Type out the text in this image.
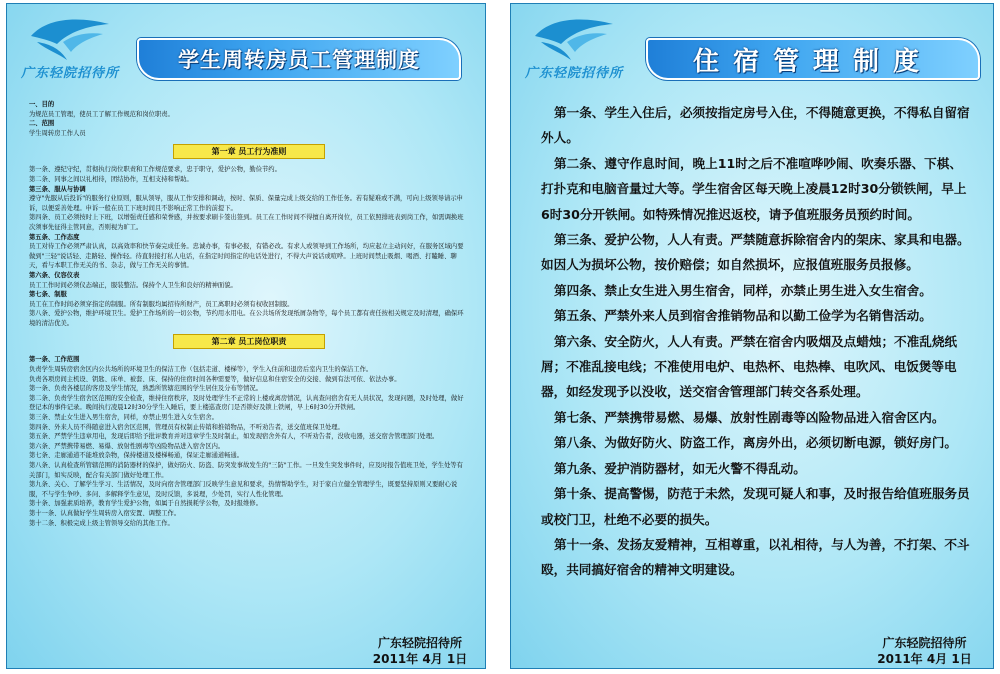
广东轻院招待所
学生周转房员工管理制度

一、目的

为规范员工管理，使员工了解工作规范和岗位职责。

二、范围

学生周转房工作人员

第一章 员工行为准则

第一条、遵纪守纪，贯彻执行岗位职责和工作规范要求，忠于职守，爱护公物，勤俭节约。

第二条、同事之间以礼相待，团结协作，互相支持和帮助。

第三条、服从与协调

遵守"先服从后投诉"的服务行业原则，服从领导，服从工作安排和调动，按时、保质、保量完成上级交给的工作任务。若有疑难或不满，可向上级领导请示申诉，以便妥善处理。申诉一般在员工下班时间且不影响正常工作的前提下。

第四条、员工必须按时上下班，以增强责任感和荣誉感，并按要求刷卡签出签到。员工在工作时间不得擅自离开岗位，员工依照排班表到岗工作，如需调换班次须事先征得主管同意，否则视为旷工。

第五条、工作态度

员工对待工作必须严肃认真，以高效率和快节奏完成任务。忠诚办事，有事必报，有错必改。有求人或领导到工作场所，均应起立主动问好，在服务区域内要做到"三轻"说话轻、走路轻、操作轻。待直射接打私人电话，在指定时间指定的电话处进行，不得大声说话或喧哗。上班时间禁止吸烟、喝酒、打瞌睡、聊天，看与本职工作无关的书、杂志，做与工作无关的事情。

第六条、仪容仪表

员工工作时间必须仪态端正，服装整洁。保持个人卫生和良好的精神面貌。

第七条、制服

员工在工作时间必须穿指定的制服。所有制服均属招待所财产，员工离职时必须有权收回制服。

第八条、爱护公物，维护环境卫生。爱护工作场所的一切公物，节约用水用电。在公共场所发现纸屑杂物等，每个员工都有责任按相关规定及时清理，确保环境的清洁优美。

第二章 员工岗位职责

第一条、工作范围

负责学生周转房宿舍区内公共场所的环境卫生的保洁工作（包括走道、楼梯等），学生入住前和退房后室内卫生的保洁工作。

负责各项房间主机设、钥匙、床单、被套、床、保持的住宿时间各种需要等，做好信息和住宿安全的交接、做到有法可依、依法办事。

第一条、负责各楼层的客房及学生情况，熟悉所管辖范围的学生居住及分布等情况。

第二条、负责学生宿舍区范围的安全检查，维持住宿秩序，及时处理学生不正常的上楼或离房情况，认真查问宿舍有无人员状况，发现问题，及时处理，做好登记本的事件记录。晚间执行凌晨12时30分学生入睡后，要上楼巡查房门是否锁好及锁上铁闸，早上6时30分开铁闸。

第三条、禁止女生进入男生宿舍，同样，亦禁止男生进入女生宿舍。

第四条、外来人员不得随意进入宿舍区范围，管理员有权制止传销和推销物品，不听劝告者，送交值班保卫处理。

第五条、严禁学生违章用电，发现后即给予批评教育并对违章学生及时制止，如发现宿舍外有人，不听劝告者，没收电器，送交宿舍管理部门处理。

第六条、严禁携带易燃、易爆、放射性剧毒等凶险物品进入宿舍区内。

第七条、走廊通道不能堆放杂物，保持楼道及楼梯畅通，保证走廊通道畅通。

第八条、认真检查所管辖范围的消防器材的保护，做好防火、防盗、防突发事故发生的"三防"工作。一旦发生突发事件时，应及时报告值班卫处，学生处等有关部门，如实反映，配合有关部门做好处理工作。

第九条、关心、了解学生学习、生活情况，及时向宿舍管理部门反映学生意见和要求，热情帮助学生，对于家自立健全管理学生，既要坚持原则又要耐心说服，不与学生争吵、多问、多解释学生意见，及时反馈，多说理，少处罚，实行人性化管理。

第十条、加强素质培养，教育学生爱护公物，如属于自然损耗学公物，及时报维修。

第十一条、认真做好学生周转房入宿安置、调整工作。

第十二条、积极完成上级主管领导交给的其他工作。

广东轻院招待所
2011年 4月 1日
广东轻院招待所	住宿管理制度

第一条、学生入住后，必须按指定房号入住，不得随意更换，不得私自留宿外人。

第二条、遵守作息时间，晚上11时之后不准喧哗吵闹、吹奏乐器、下棋、打扑克和电脑音量过大等。学生宿舍区每天晚上凌晨12时30分锁铁闸，早上6时30分开铁闸。如特殊情况推迟返校，请予值班服务员预约时间。

第三条、爱护公物，人人有责。严禁随意拆除宿舍内的架床、家具和电器。如因人为损坏公物，按价赔偿；如自然损坏，应报值班服务员报修。

第四条、禁止女生进入男生宿舍，同样，亦禁止男生进入女生宿舍。

第五条、严禁外来人员到宿舍推销物品和以勤工俭学为名销售活动。

第六条、安全防火，人人有责。严禁在宿舍内吸烟及点蜡烛；不准乱烧纸屑；不准乱接电线；不准使用电炉、电热杯、电热棒、电吹风、电饭煲等电器，如经发现予以没收，送交宿舍管理部门转交各系处理。

第七条、严禁携带易燃、易爆、放射性剧毒等凶险物品进入宿舍区内。

第八条、为做好防火、防盗工作，离房外出，必须切断电源，锁好房门。

第九条、爱护消防器材，如无火警不得乱动。

第十条、提高警惕，防范于未然，发现可疑人和事，及时报告给值班服务员或校门卫，杜绝不必要的损失。

第十一条、发扬友爱精神，互相尊重，以礼相待，与人为善，不打架、不斗殴，共同搞好宿舍的精神文明建设。

广东轻院招待所
2011年 4月 1日
